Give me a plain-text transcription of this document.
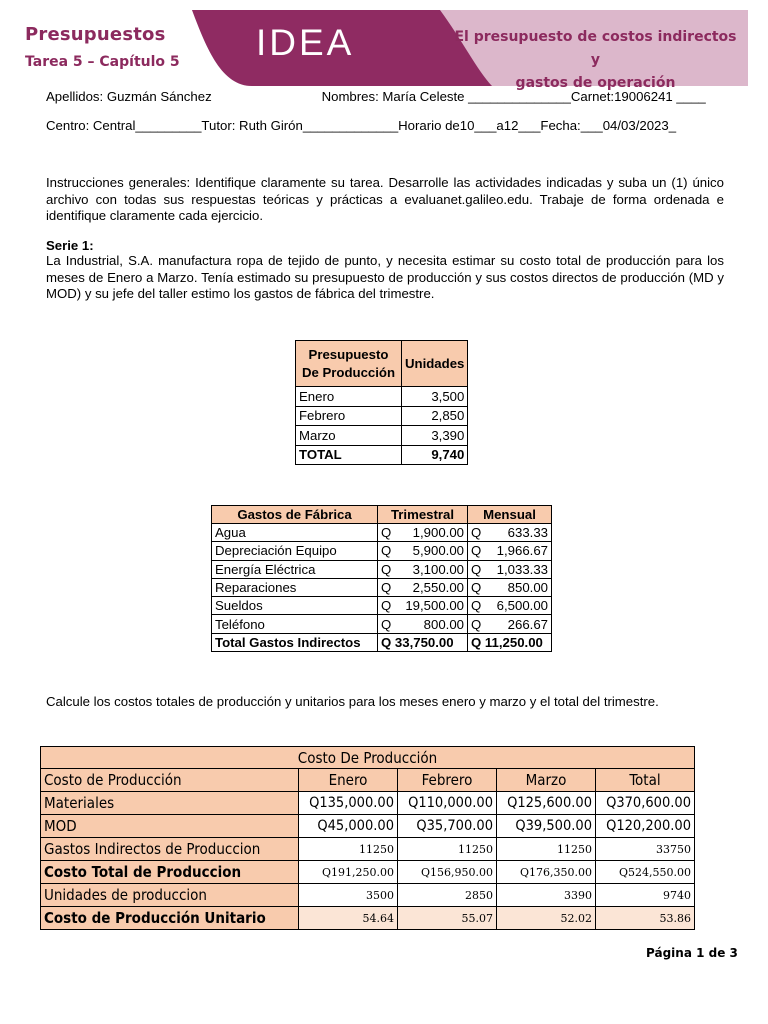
Presupuestos
Tarea 5 – Capítulo 5 IDEA	El presupuesto de costos indirectos y
gastos de operación
Apellidos: Guzmán Sánchez                              Nombres: María Celeste ______________Carnet:19006241 ____
Centro: Central_________Tutor: Ruth Girón_____________Horario de10___a12___Fecha:___04/03/2023_
Instrucciones generales: Identifique claramente su tarea. Desarrolle las actividades indicadas y suba un (1) único archivo con todas sus respuestas teóricas y prácticas a evaluanet.galileo.edu. Trabaje de forma ordenada e identifique claramente cada ejercicio.
Serie 1:
La Industrial, S.A. manufactura ropa de tejido de punto, y necesita estimar su costo total de producción para los meses de Enero a Marzo. Tenía estimado su presupuesto de producción y sus costos directos de producción (MD y MOD) y su jefe del taller estimo los gastos de fábrica del trimestre.
Presupuesto
De Producción	Unidades
Enero	3,500
Febrero	2,850
Marzo	3,390
TOTAL	9,740
Gastos de Fábrica	Trimestral	Mensual
Agua	Q 1,900.00	Q 633.33

Depreciación Equipo	Q 5,900.00	Q 1,966.67

Energía Eléctrica	Q 3,100.00	Q 1,033.33

Reparaciones	Q 2,550.00	Q 850.00

Sueldos	Q 19,500.00	Q 6,500.00

Teléfono	Q 800.00	Q 266.67

Total Gastos Indirectos	Q 33,750.00	Q 11,250.00
Calcule los costos totales de producción y unitarios para los meses enero y marzo y el total del trimestre.
Costo De Producción				
Costo de Producción	Enero	Febrero	Marzo	Total
Materiales	Q135,000.00	Q110,000.00	Q125,600.00	Q370,600.00
MOD	Q45,000.00	Q35,700.00	Q39,500.00	Q120,200.00
Gastos Indirectos de Produccion	11250	11250	11250	33750
Costo Total de Produccion	Q191,250.00	Q156,950.00	Q176,350.00	Q524,550.00
Unidades de produccion	3500	2850	3390	9740
Costo de Producción Unitario	54.64	55.07	52.02	53.86
Página 1 de 3
